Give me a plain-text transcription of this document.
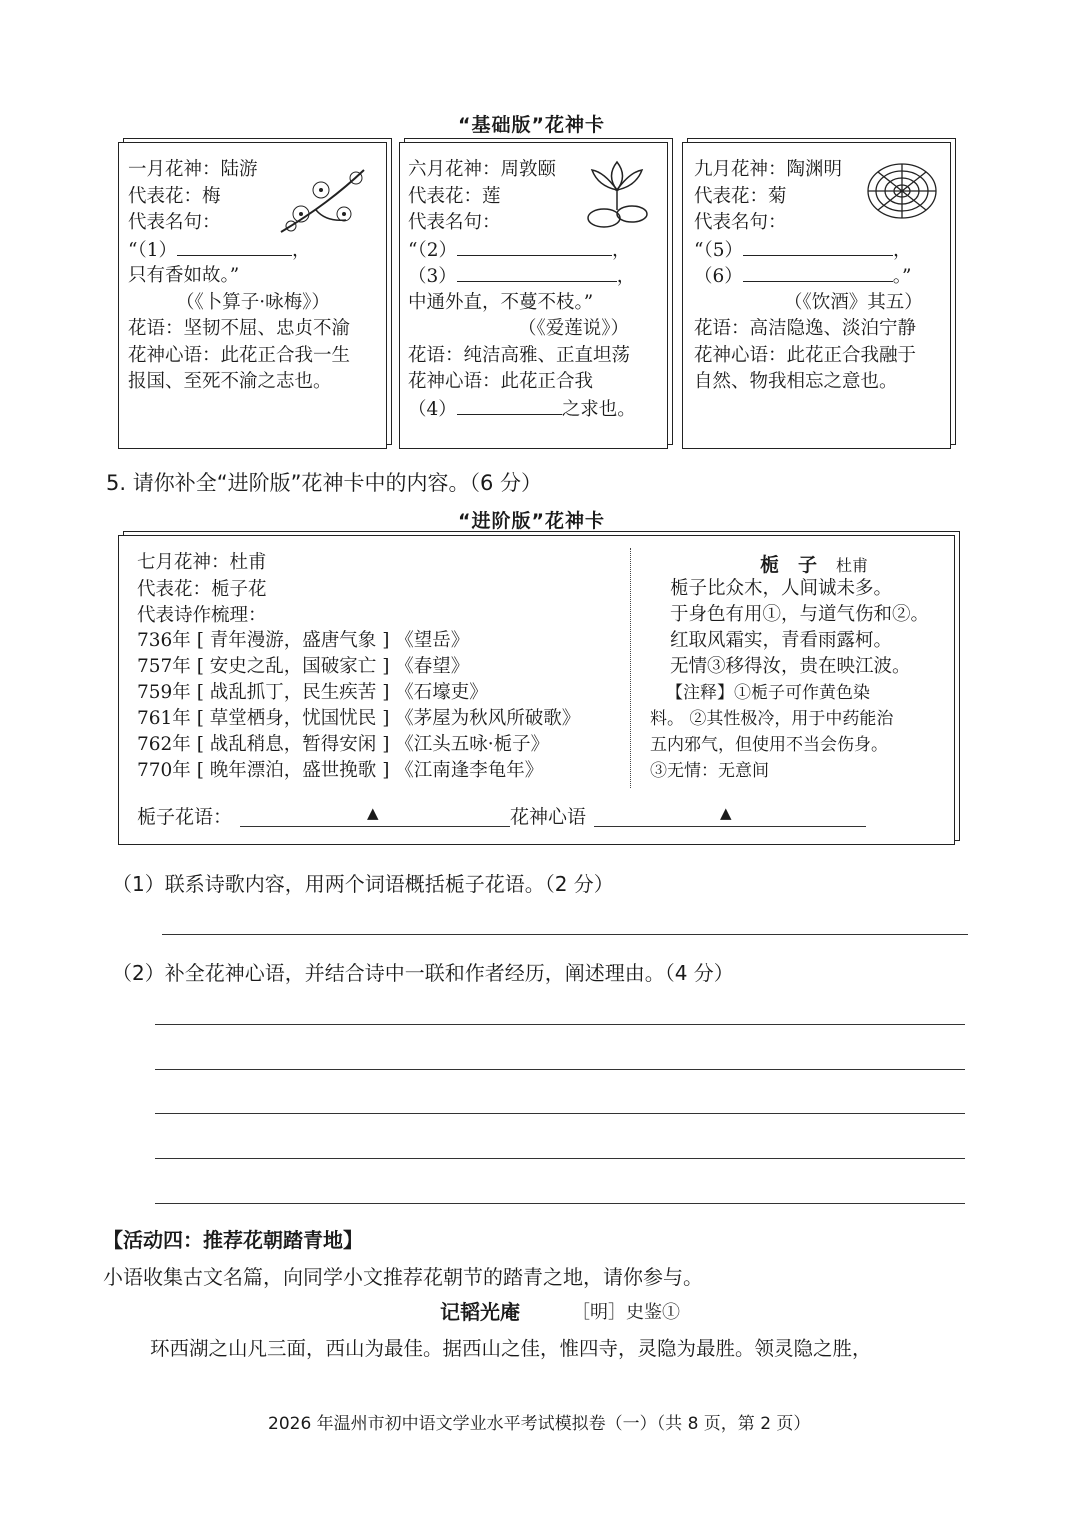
“基础版”花神卡
一月花神：陆游
代表花：梅
代表名句：
“（1）	，
只有香如故。”
（《卜算子·咏梅》）
花语：坚韧不屈、忠贞不渝
花神心语：此花正合我一生
报国、至死不渝之志也。
六月花神：周敦颐
代表花：莲
代表名句：
“（2）	，
（3）	，
中通外直，不蔓不枝。”
（《爱莲说》）
花语：纯洁高雅、正直坦荡
花神心语：此花正合我
（4）	之求也。
九月花神：陶渊明
代表花：菊
代表名句：
“（5）	，
（6）	。”
（《饮酒》其五）
花语：高洁隐逸、淡泊宁静
花神心语：此花正合我融于
自然、物我相忘之意也。
5. 请你补全“进阶版”花神卡中的内容。（6 分）
“进阶版”花神卡
七月花神：杜甫
代表花：栀子花
代表诗作梳理：
736年 [ 青年漫游，盛唐气象 ] 《望岳》
757年 [ 安史之乱，国破家亡 ] 《春望》
759年 [ 战乱抓丁，民生疾苦 ] 《石壕吏》
761年 [ 草堂栖身，忧国忧民 ] 《茅屋为秋风所破歌》
762年 [ 战乱稍息，暂得安闲 ] 《江头五咏·栀子》
770年 [ 晚年漂泊，盛世挽歌 ] 《江南逢李龟年》
栀　子　 杜甫
栀子比众木，人间诚未多。
于身色有用①，与道气伤和②。
红取风霜实，青看雨露柯。
无情③移得汝，贵在映江波。
【注释】①栀子可作黄色染
料。 ②其性极冷，用于中药能治
五内邪气，但使用不当会伤身。
③无情：无意间
栀子花语：	▲	花神心语	▲
（1）联系诗歌内容，用两个词语概括栀子花语。（2 分）
（2）补全花神心语，并结合诗中一联和作者经历，阐述理由。（4 分）
【活动四：推荐花朝踏青地】
小语收集古文名篇，向同学小文推荐花朝节的踏青之地，请你参与。
记韬光庵	［明］史鉴①
环西湖之山凡三面，西山为最佳。据西山之佳，惟四寺，灵隐为最胜。领灵隐之胜，
2026 年温州市初中语文学业水平考试模拟卷（一）（共 8 页，第 2 页）
